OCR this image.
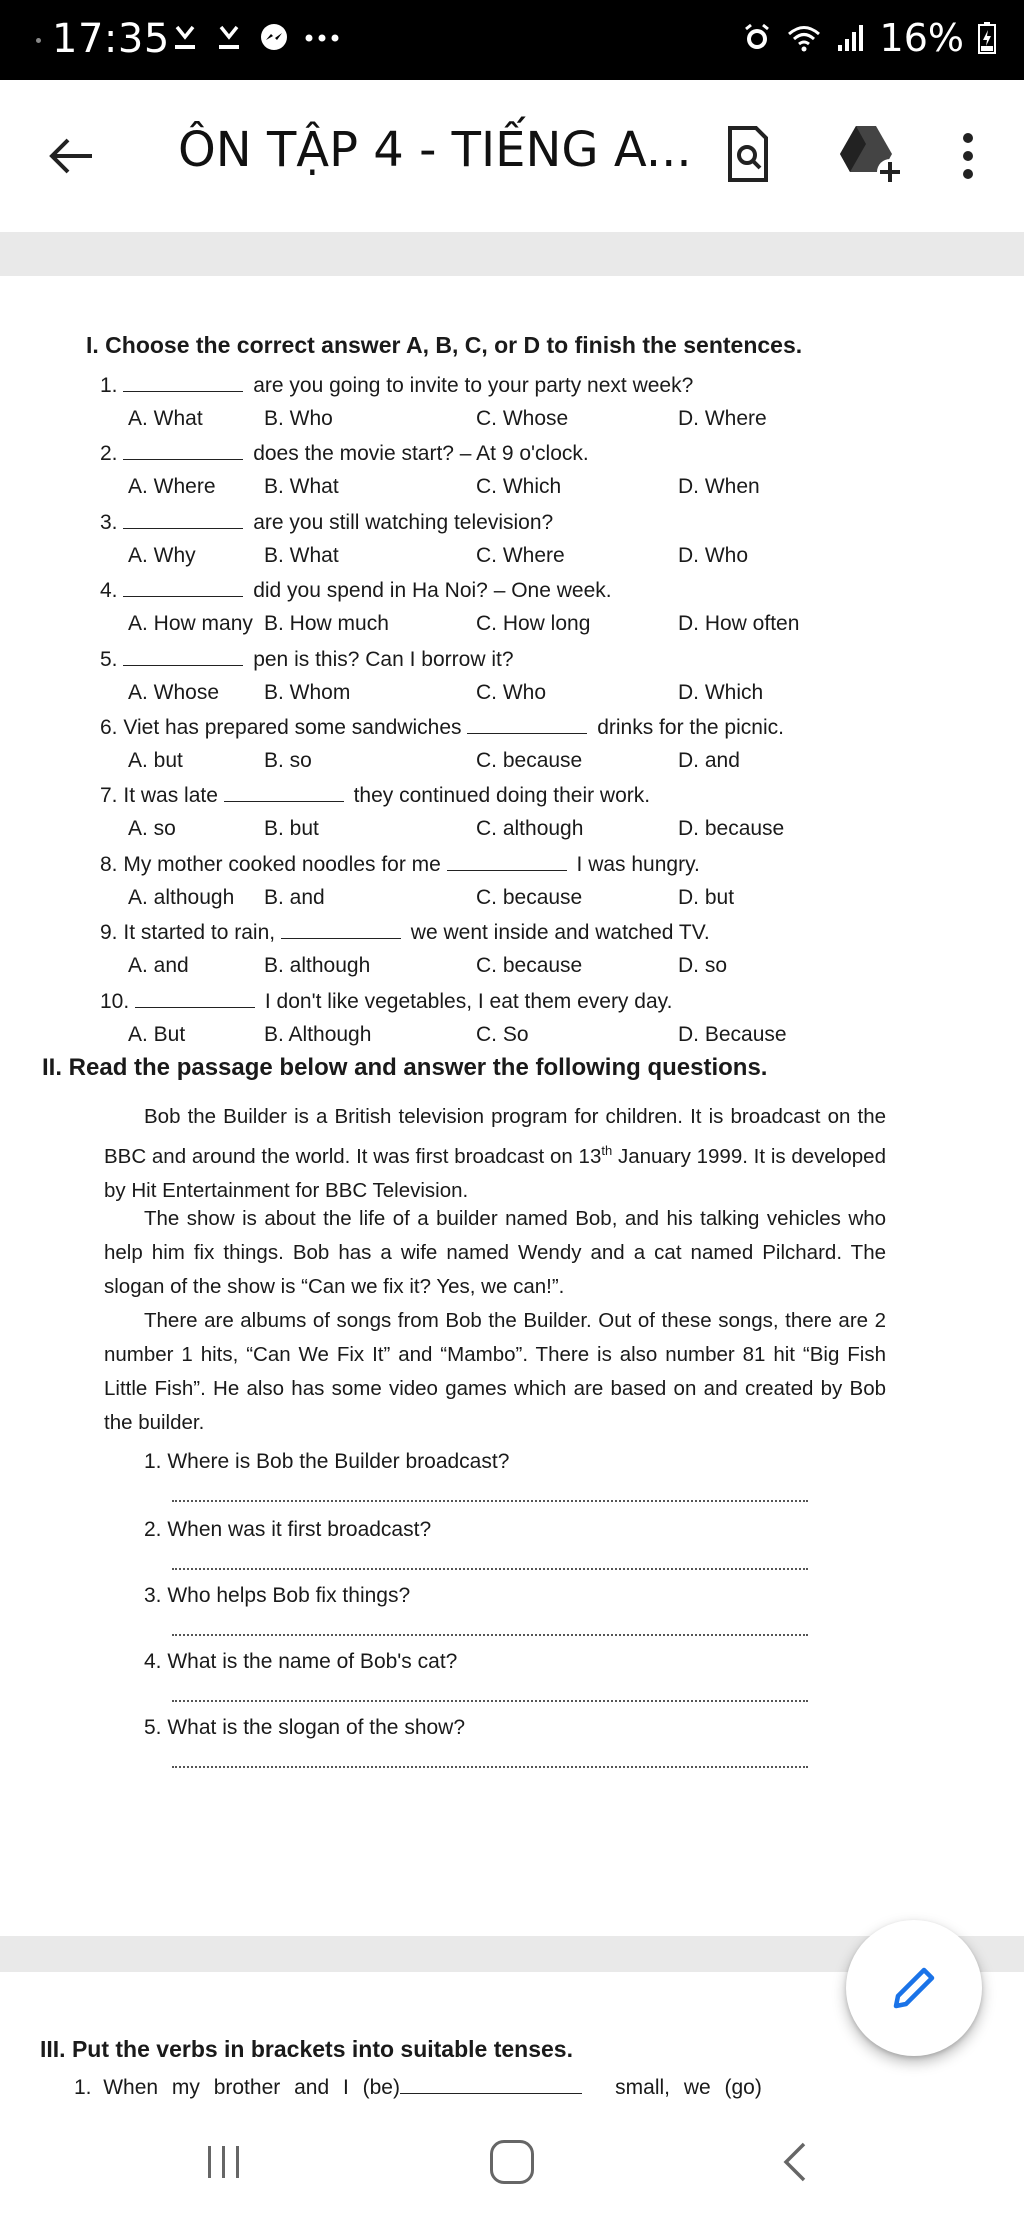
17:35	16%
ÔN TẬP 4 - TIẾNG A...
I. Choose the correct answer A, B, C, or D to finish the sentences.
1.	are you going to invite to your party next week?
A. What	B. Who	C. Whose	D. Where
2.	does the movie start? – At 9 o'clock.
A. Where B. What	C. Which	D. When
3.	are you still watching television?
A. Why	B. What	C. Where	D. Who
4.	did you spend in Ha Noi? – One week.
A. How many B. How much	C. How long	D. How often
5.	pen is this? Can I borrow it?
A. Whose B. Whom	C. Who	D. Which
6. Viet has prepared some sandwiches	drinks for the picnic.
A. but	B. so	C. because	D. and
7. It was late	they continued doing their work.
A. so	B. but	C. although	D. because
8. My mother cooked noodles for me	I was hungry.
A. although B. and	C. because	D. but
9. It started to rain,	we went inside and watched TV.
A. and	B. although	C. because	D. so
10.	I don't like vegetables, I eat them every day.
A. But	B. Although	C. So	D. Because
II. Read the passage below and answer the following questions.
Bob the Builder is a British television program for children. It is broadcast on the BBC and around the world. It was first broadcast on 13th January 1999. It is developed by Hit Entertainment for BBC Television.
The show is about the life of a builder named Bob, and his talking vehicles who help him fix things. Bob has a wife named Wendy and a cat named Pilchard. The slogan of the show is “Can we fix it? Yes, we can!”.
There are albums of songs from Bob the Builder. Out of these songs, there are 2 number 1 hits, “Can We Fix It” and “Mambo”. There is also number 81 hit “Big Fish Little Fish”. He also has some video games which are based on and created by Bob the builder.
1. Where is Bob the Builder broadcast?
2. When was it first broadcast?
3. Who helps Bob fix things?
4. What is the name of Bob's cat?
5. What is the slogan of the show?
III. Put the verbs in brackets into suitable tenses.
1. When my brother and I (be)	small, we (go)
